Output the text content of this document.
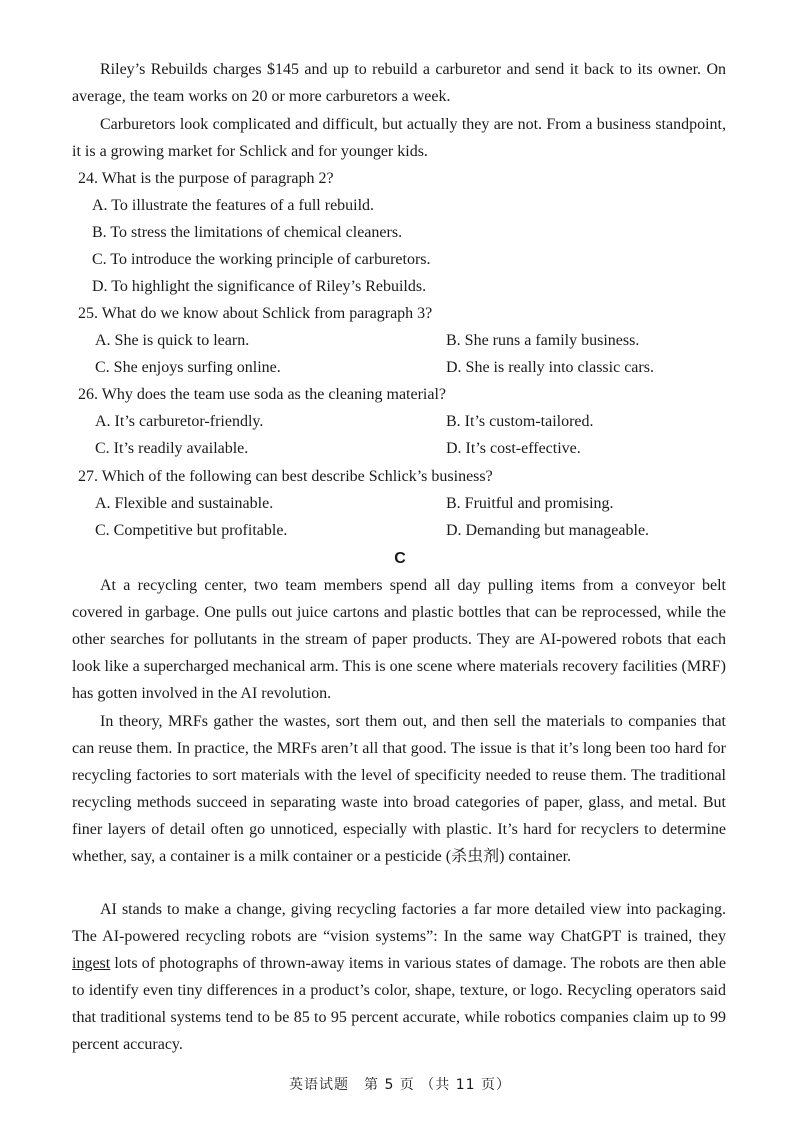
Riley’s Rebuilds charges $145 and up to rebuild a carburetor and send it back to its owner. On average, the team works on 20 or more carburetors a week.

Carburetors look complicated and difficult, but actually they are not. From a business standpoint, it is a growing market for Schlick and for younger kids.

24. What is the purpose of paragraph 2?

A. To illustrate the features of a full rebuild.

B. To stress the limitations of chemical cleaners.

C. To introduce the working principle of carburetors.

D. To highlight the significance of Riley’s Rebuilds.

25. What do we know about Schlick from paragraph 3?

A. She is quick to learn.	B. She runs a family business.

C. She enjoys surfing online.	D. She is really into classic cars.

26. Why does the team use soda as the cleaning material?

A. It’s carburetor-friendly.	B. It’s custom-tailored.

C. It’s readily available.	D. It’s cost-effective.

27. Which of the following can best describe Schlick’s business?

A. Flexible and sustainable.	B. Fruitful and promising.

C. Competitive but profitable.	D. Demanding but manageable.

C

At a recycling center, two team members spend all day pulling items from a conveyor belt covered in garbage. One pulls out juice cartons and plastic bottles that can be reprocessed, while the other searches for pollutants in the stream of paper products. They are AI-powered robots that each look like a supercharged mechanical arm. This is one scene where materials recovery facilities (MRF) has gotten involved in the AI revolution.

In theory, MRFs gather the wastes, sort them out, and then sell the materials to companies that can reuse them. In practice, the MRFs aren’t all that good. The issue is that it’s long been too hard for recycling factories to sort materials with the level of specificity needed to reuse them. The traditional recycling methods succeed in separating waste into broad categories of paper, glass, and metal. But finer layers of detail often go unnoticed, especially with plastic. It’s hard for recyclers to determine whether, say, a container is a milk container or a pesticide (杀虫剂) container.

AI stands to make a change, giving recycling factories a far more detailed view into packaging. The AI-powered recycling robots are “vision systems”: In the same way ChatGPT is trained, they ingest lots of photographs of thrown-away items in various states of damage. The robots are then able to identify even tiny differences in a product’s color, shape, texture, or logo. Recycling operators said that traditional systems tend to be 85 to 95 percent accurate, while robotics companies claim up to 99 percent accuracy.

英语试题　第 5 页 （共 11 页）
